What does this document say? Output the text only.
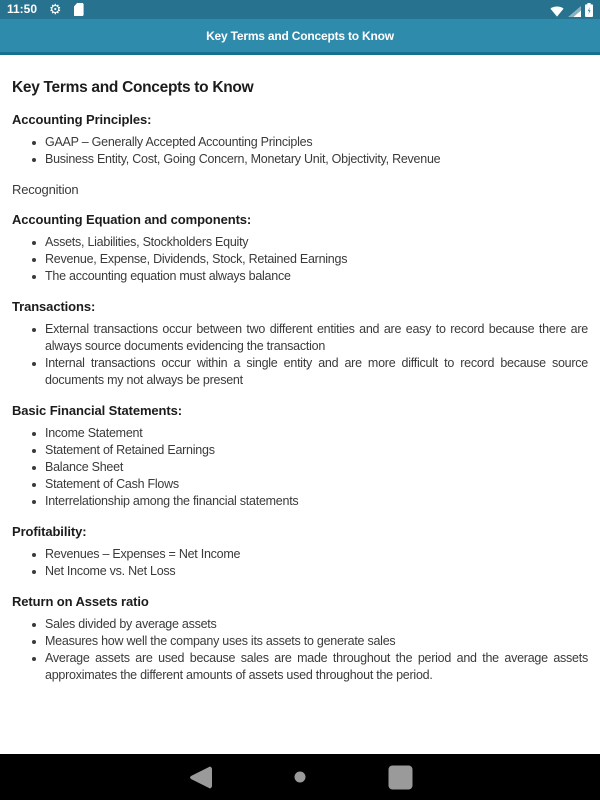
11:50 ⚙
Key Terms and Concepts to Know
Key Terms and Concepts to Know

Accounting Principles:

GAAP – Generally Accepted Accounting Principles
Business Entity, Cost, Going Concern, Monetary Unit, Objectivity, Revenue

Recognition

Accounting Equation and components:

Assets, Liabilities, Stockholders Equity
Revenue, Expense, Dividends, Stock, Retained Earnings
The accounting equation must always balance

Transactions:

External transactions occur between two different entities and are easy to record because there are always source documents evidencing the transaction
Internal transactions occur within a single entity and are more difficult to record because source documents my not always be present

Basic Financial Statements:

Income Statement
Statement of Retained Earnings
Balance Sheet
Statement of Cash Flows
Interrelationship among the financial statements

Profitability:

Revenues – Expenses = Net Income
Net Income vs. Net Loss

Return on Assets ratio

Sales divided by average assets
Measures how well the company uses its assets to generate sales
Average assets are used because sales are made throughout the period and the average assets approximates the different amounts of assets used throughout the period.
